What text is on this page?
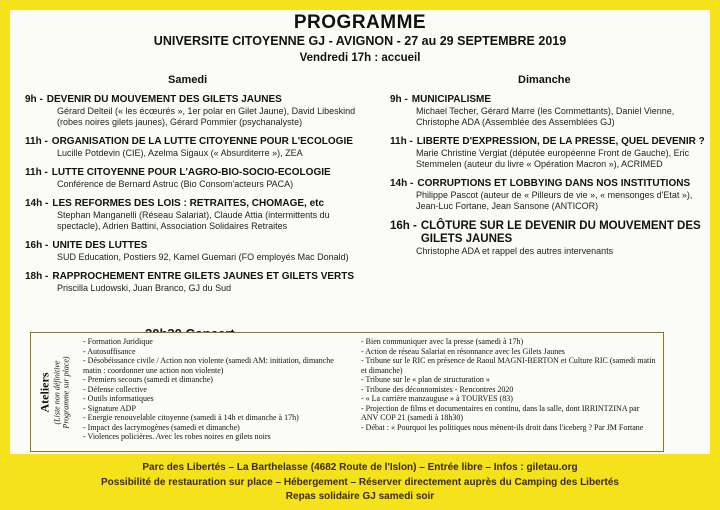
PROGRAMME
UNIVERSITE CITOYENNE GJ - AVIGNON - 27 au 29 SEPTEMBRE 2019
Vendredi 17h : accueil
Samedi	Dimanche
9h - DEVENIR DU MOUVEMENT DES GILETS JAUNES
Gérard Delteil (« les écœurés », 1er polar en Gilet Jaune), David Libeskind (robes noires gilets jaunes), Gérard Pommier (psychanalyste)
11h - ORGANISATION DE LA LUTTE CITOYENNE POUR L'ECOLOGIE
Lucille Potdevin (CIE), Azelma Sigaux (« Absurditerre »), ZEA
11h - LUTTE CITOYENNE POUR L'AGRO-BIO-SOCIO-ECOLOGIE
Conférence de Bernard Astruc (Bio Consom'acteurs PACA)
14h - LES REFORMES DES LOIS : RETRAITES, CHOMAGE, etc
Stephan Manganelli (Réseau Salariat), Claude Attia (intermittents du spectacle), Adrien Battini, Association Solidaires Retraites
16h - UNITE DES LUTTES
SUD Education, Postiers 92, Kamel Guemari (FO employés Mac Donald)
18h - RAPPROCHEMENT ENTRE GILETS JAUNES ET GILETS VERTS
Priscilla Ludowski, Juan Branco, GJ du Sud
9h - MUNICIPALISME
Michael Techer, Gérard Marre (les Commettants), Daniel Vienne, Christophe ADA (Assemblée des Assemblées GJ)
11h - LIBERTE D'EXPRESSION, DE LA PRESSE, QUEL DEVENIR ?
Marie Christine Vergiat (députée européenne Front de Gauche), Eric Stemmelen (auteur du livre « Opération Macron »), ACRIMED
14h - CORRUPTIONS ET LOBBYING DANS NOS INSTITUTIONS
Philippe Pascot (auteur de « Pilleurs de vie », « mensonges d'Etat »), Jean-Luc Fortane, Jean Sansone (ANTICOR)
16h - CLÔTURE SUR LE DEVENIR DU MOUVEMENT DES GILETS JAUNES
Christophe ADA et rappel des autres intervenants
Ateliers (Liste non définitive Programme sur place)
- Formation Juridique
- Autosuffisance
- Désobéissance civile / Action non violente (samedi AM: initiation, dimanche matin : coordonner une action non violente)
- Premiers secours (samedi et dimanche)
- Défense collective
- Outils informatiques
- Signature ADP
- Energie renouvelable citoyenne (samedi à 14h et dimanche à 17h)
- Impact des lacrymogènes (samedi et dimanche)
- Violences policières. Avec les robes noires en gilets noirs
- Bien communiquer avec la presse (samedi à 17h)
- Action de réseau Salariat en résonnance avec les Gilets Jaunes
- Tribune sur le RIC en présence de Raoul MAGNI-BERTON et Culture RIC (samedi matin et dimanche)
- Tribune sur le « plan de structuration »
- Tribune des déconnomistes - Rencontres 2020
- « La carrière manzauguse » à TOURVES (83)
- Projection de films et documentaires en continu, dans la salle, dont IRRINTZINA par ANV COP 21 (samedi à 18h30)
- Débat : « Pourquoi les politiques nous mènent-ils droit dans l'iceberg ? Par JM Fortane
Parc des Libertés – La Barthelasse (4682 Route de l'Islon) – Entrée libre – Infos : giletau.org
Possibilité de restauration sur place – Hébergement – Réserver directement auprès du Camping des Libertés
Repas solidaire GJ samedi soir
